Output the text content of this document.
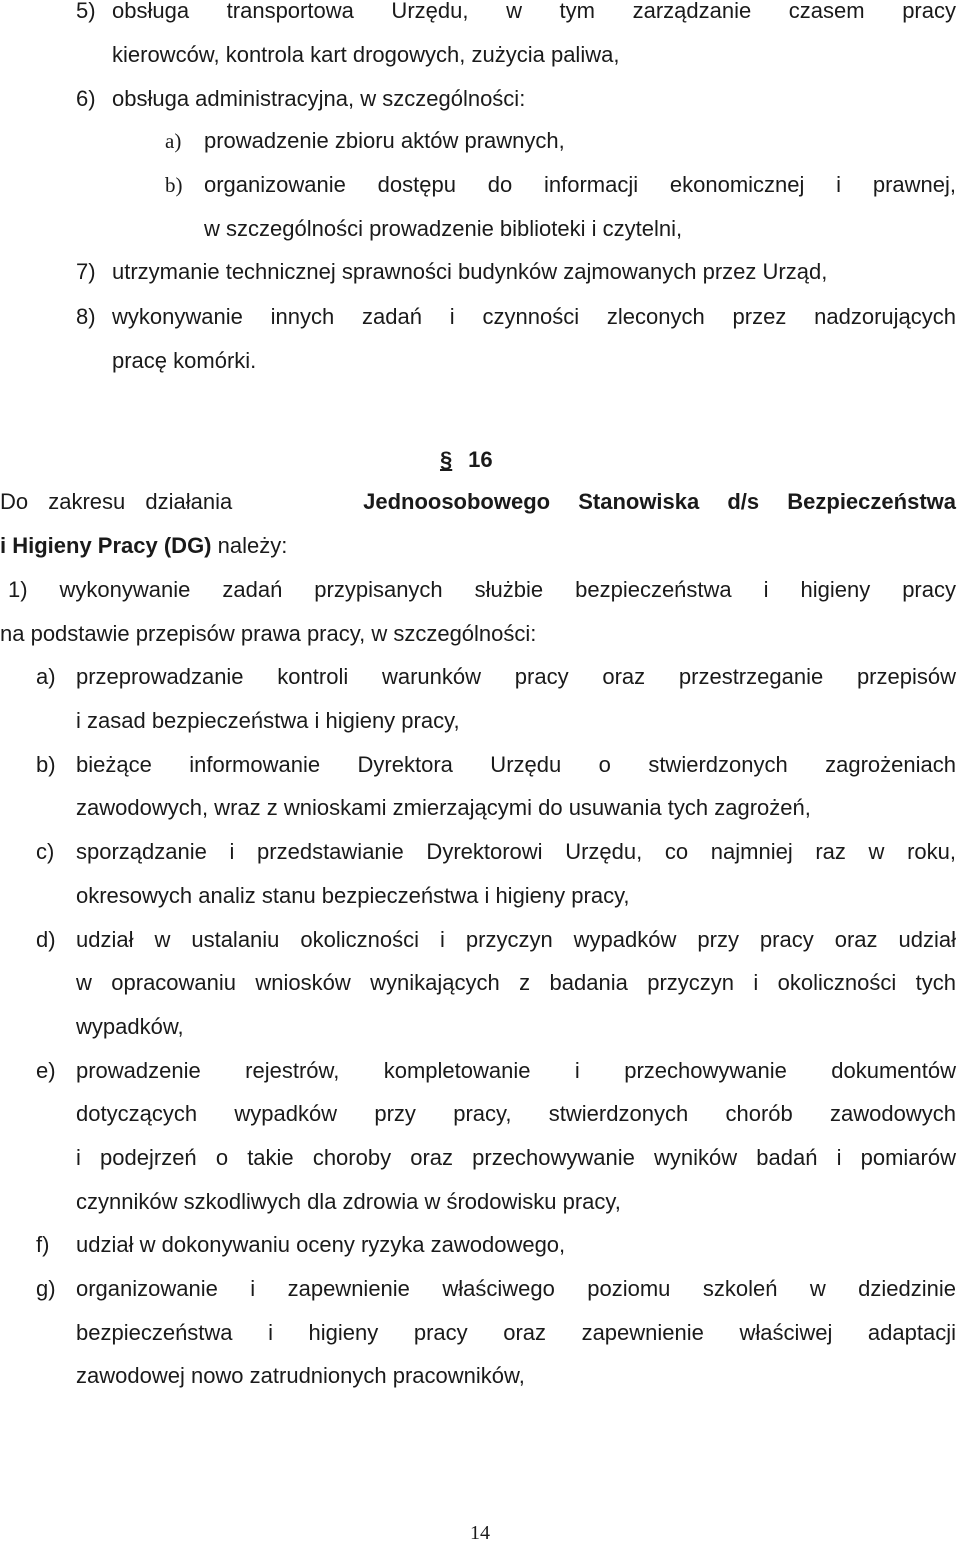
5) obsługa transportowa Urzędu, w tym zarządzanie czasem pracy
kierowców, kontrola kart drogowych, zużycia paliwa,
6) obsługa administracyjna, w szczególności:
a) prowadzenie zbioru aktów prawnych,
b) organizowanie dostępu do informacji ekonomicznej i prawnej,
w szczególności prowadzenie biblioteki i czytelni,
7) utrzymanie technicznej sprawności budynków zajmowanych przez Urząd,
8) wykonywanie innych zadań i czynności zleconych przez nadzorujących
pracę komórki.
§ 16
Do zakresu działania	Jednoosobowego Stanowiska d/s Bezpieczeństwa
i Higieny Pracy (DG) należy:
1) wykonywanie zadań przypisanych służbie bezpieczeństwa i higieny pracy
na podstawie przepisów prawa pracy, w szczególności:
a) przeprowadzanie kontroli warunków pracy oraz przestrzeganie przepisów
i zasad bezpieczeństwa i higieny pracy,
b) bieżące informowanie Dyrektora Urzędu o stwierdzonych zagrożeniach
zawodowych, wraz z wnioskami zmierzającymi do usuwania tych zagrożeń,
c) sporządzanie i przedstawianie Dyrektorowi Urzędu, co najmniej raz w roku,
okresowych analiz stanu bezpieczeństwa i higieny pracy,
d) udział w ustalaniu okoliczności i przyczyn wypadków przy pracy oraz udział
w opracowaniu wniosków wynikających z badania przyczyn i okoliczności tych
wypadków,
e) prowadzenie rejestrów, kompletowanie i przechowywanie dokumentów
dotyczących wypadków przy pracy, stwierdzonych chorób zawodowych
i podejrzeń o takie choroby oraz przechowywanie wyników badań i pomiarów
czynników szkodliwych dla zdrowia w środowisku pracy,
f) udział w dokonywaniu oceny ryzyka zawodowego,
g) organizowanie i zapewnienie właściwego poziomu szkoleń w dziedzinie
bezpieczeństwa i higieny pracy oraz zapewnienie właściwej adaptacji
zawodowej nowo zatrudnionych pracowników,
14
